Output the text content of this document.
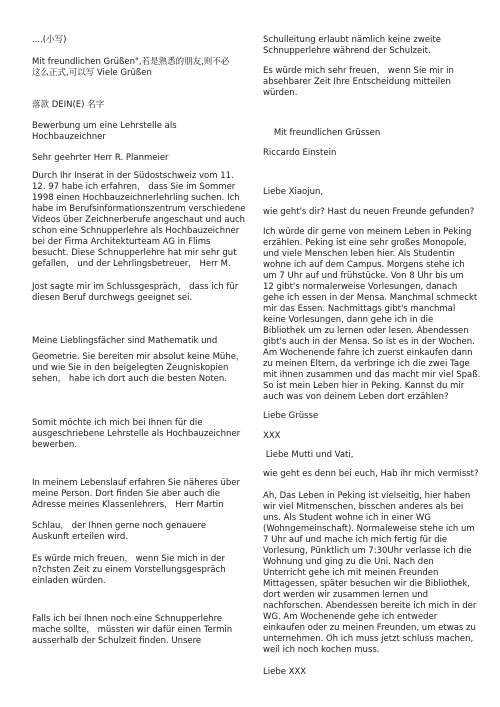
....(小写)

Mit freundlichen Grüßen",若是熟悉的朋友,则不必
这么正式,可以写 Viele Grüßen

落款 DEIN(E) 名字

Bewerbung um eine Lehrstelle als
Hochbauzeichner

Sehr geehrter Herr R. Planmeier

Durch Ihr Inserat in der Südostschweiz vom 11.
12. 97 habe ich erfahren， dass Sie im Sommer
1998 einen Hochbauzeichnerlehrling suchen. Ich
habe im Berufsinformationszentrum verschiedene
Videos über Zeichnerberufe angeschaut und auch
schon eine Schnupperlehre als Hochbauzeichner
bei der Firma Architekturteam AG in Flims
besucht. Diese Schnupperlehre hat mir sehr gut
gefallen， und der Lehrlingsbetreuer， Herr M.

Jost sagte mir im Schlussgespräch， dass ich für
diesen Beruf durchwegs geeignet sei.

Meine Lieblingsfächer sind Mathematik und

Geometrie. Sie bereiten mir absolut keine Mühe，
und wie Sie in den beigelegten Zeugniskopien
sehen， habe ich dort auch die besten Noten.

Somit möchte ich mich bei Ihnen für die
ausgeschriebene Lehrstelle als Hochbauzeichner
bewerben.

In meinem Lebenslauf erfahren Sie näheres über
meine Person. Dort finden Sie aber auch die
Adresse meines Klassenlehrers， Herr Martin

Schlau， der Ihnen gerne noch genauere
Auskunft erteilen wird.

Es würde mich freuen， wenn Sie mich in der
n?chsten Zeit zu einem Vorstellungsgespräch
einladen würden.

Falls ich bei Ihnen noch eine Schnupperlehre
mache sollte， müssten wir dafür einen Termin
ausserhalb der Schulzeit finden. Unsere

Schulleitung erlaubt nämlich keine zweite
Schnupperlehre während der Schulzeit.

Es würde mich sehr freuen， wenn Sie mir in
absehbarer Zeit Ihre Entscheidung mitteilen
würden.

Mit freundlichen Grüssen

Riccardo Einstein

Liebe Xiaojun,

wie geht's dir? Hast du neuen Freunde gefunden?

Ich würde dir gerne von meinem Leben in Peking
erzählen. Peking ist eine sehr großes Monopole,
und viele Menschen leben hier. Als Studentin
wohne ich auf dem Campus. Morgens stehe ich
um 7 Uhr auf und frühstücke. Von 8 Uhr bis um
12 gibt's normalerweise Vorlesungen, danach
gehe ich essen in der Mensa. Manchmal schmeckt
mir das Essen. Nachmittags gibt's manchmal
keine Vorlesungen, dann gehe ich in die
Bibliothek um zu lernen oder lesen. Abendessen
gibt's auch in der Mensa. So ist es in der Wochen.
Am Wochenende fahre ich zuerst einkaufen dann
zu meinen Eltern, da verbringe ich die zwei Tage
mit ihnen zusammen und das macht mir viel Spaß.
So ist mein Leben hier in Peking. Kannst du mir
auch was von deinem Leben dort erzählen?

Liebe Grüsse

XXX

Liebe Mutti und Vati,

wie geht es denn bei euch, Hab ihr mich vermisst?

Ah, Das Leben in Peking ist vielseitig, hier haben
wir viel Mitmenschen, bisschen anderes als bei
uns. Als Student wohne ich in einer WG
(Wohngemeinschaft). Normaleweise stehe ich um
7 Uhr auf und mache ich mich fertig für die
Vorlesung, Pünktlich um 7:30Uhr verlasse ich die
Wohnung und ging zu die Uni. Nach den
Unterricht gehe ich mit meinen Freunden
Mittagessen, später besuchen wir die Bibliothek,
dort werden wir zusammen lernen und
nachforschen. Abendessen bereite ich mich in der
WG. Am Wochenende gehe ich entweder
einkaufen oder zu meinen Freunden, um etwas zu
unternehmen. Oh ich muss jetzt schluss machen,
weil ich noch kochen muss.

Liebe XXX
